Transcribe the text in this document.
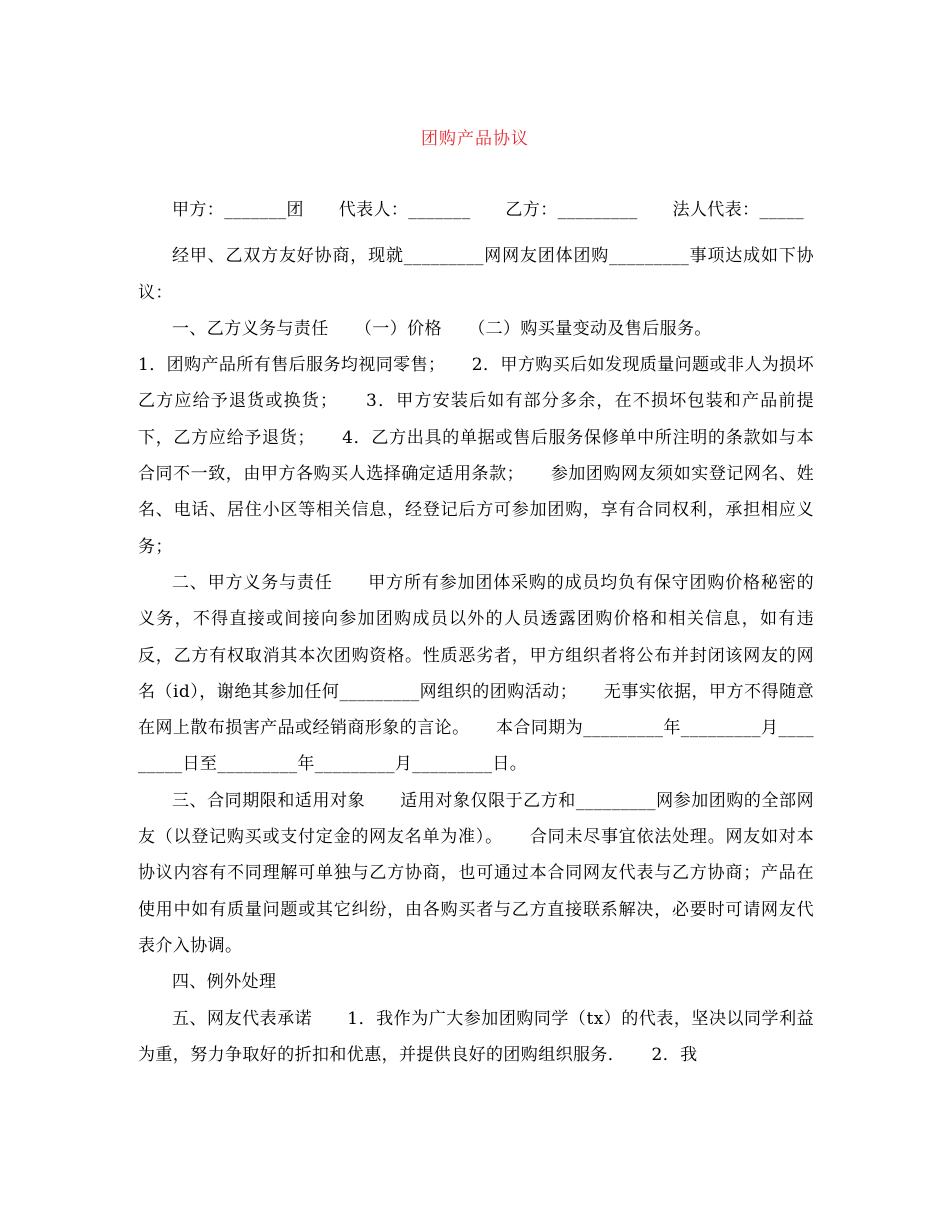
团购产品协议

甲方：_______团　　代表人：_______　　乙方：_________　　法人代表：_____

经甲、乙双方友好协商，现就_________网网友团体团购_________事项达成如下协议：

一、乙方义务与责任　　（一）价格　　（二）购买量变动及售后服务。

1．团购产品所有售后服务均视同零售；　　2．甲方购买后如发现质量问题或非人为损坏乙方应给予退货或换货；　　3．甲方安装后如有部分多余，在不损坏包装和产品前提下，乙方应给予退货；　　4．乙方出具的单据或售后服务保修单中所注明的条款如与本合同不一致，由甲方各购买人选择确定适用条款；　　参加团购网友须如实登记网名、姓名、电话、居住小区等相关信息，经登记后方可参加团购，享有合同权利，承担相应义务；

二、甲方义务与责任　　甲方所有参加团体采购的成员均负有保守团购价格秘密的义务，不得直接或间接向参加团购成员以外的人员透露团购价格和相关信息，如有违反，乙方有权取消其本次团购资格。性质恶劣者，甲方组织者将公布并封闭该网友的网名（id），谢绝其参加任何_________网组织的团购活动；　　无事实依据，甲方不得随意在网上散布损害产品或经销商形象的言论。　　本合同期为_________年_________月_________日至_________年_________月_________日。

三、合同期限和适用对象　　适用对象仅限于乙方和_________网参加团购的全部网友（以登记购买或支付定金的网友名单为准）。　　合同未尽事宜依法处理。网友如对本协议内容有不同理解可单独与乙方协商，也可通过本合同网友代表与乙方协商；产品在使用中如有质量问题或其它纠纷，由各购买者与乙方直接联系解决，必要时可请网友代表介入协调。

四、例外处理

五、网友代表承诺　　1．我作为广大参加团购同学（tx）的代表，坚决以同学利益为重，努力争取好的折扣和优惠，并提供良好的团购组织服务．　　2．我
